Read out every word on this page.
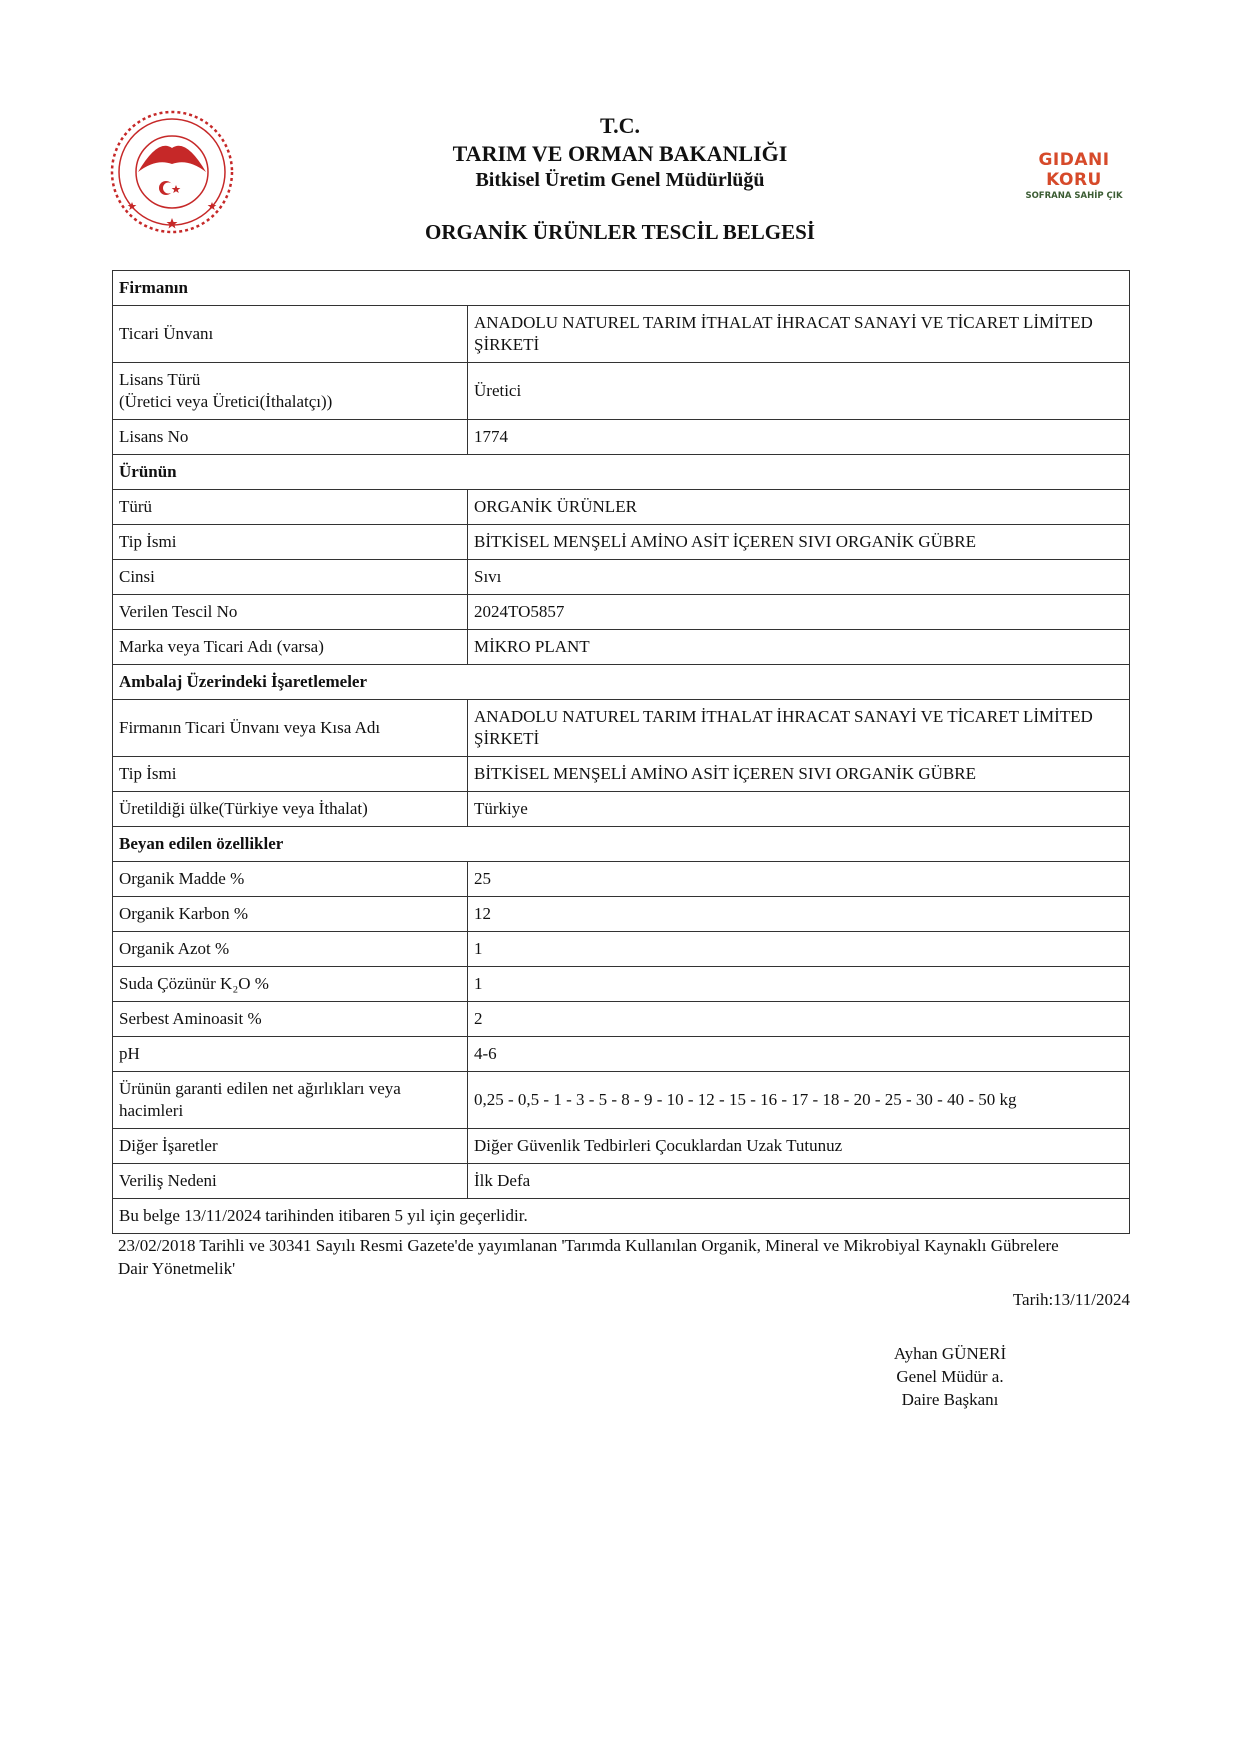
T.C.
TARIM VE ORMAN BAKANLIĞI
Bitkisel Üretim Genel Müdürlüğü
GIDANI KORU
SOFRANA SAHİP ÇIK
ORGANİK ÜRÜNLER TESCİL BELGESİ
Firmanın	
Ticari Ünvanı	ANADOLU NATUREL TARIM İTHALAT İHRACAT SANAYİ VE TİCARET LİMİTED ŞİRKETİ
Lisans Türü
(Üretici veya Üretici(İthalatçı))	Üretici
Lisans No	1774
Ürünün	
Türü	ORGANİK ÜRÜNLER
Tip İsmi	BİTKİSEL MENŞELİ AMİNO ASİT İÇEREN SIVI ORGANİK GÜBRE
Cinsi	Sıvı
Verilen Tescil No	2024TO5857
Marka veya Ticari Adı (varsa)	MİKRO PLANT
Ambalaj Üzerindeki İşaretlemeler	
Firmanın Ticari Ünvanı veya Kısa Adı	ANADOLU NATUREL TARIM İTHALAT İHRACAT SANAYİ VE TİCARET LİMİTED ŞİRKETİ
Tip İsmi	BİTKİSEL MENŞELİ AMİNO ASİT İÇEREN SIVI ORGANİK GÜBRE
Üretildiği ülke(Türkiye veya İthalat)	Türkiye
Beyan edilen özellikler	
Organik Madde %	25
Organik Karbon %	12
Organik Azot %	1
Suda Çözünür K₂O %	1
Serbest Aminoasit %	2
pH	4-6
Ürünün garanti edilen net ağırlıkları veya hacimleri	0,25 - 0,5 - 1 - 3 - 5 - 8 - 9 - 10 - 12 - 15 - 16 - 17 - 18 - 20 - 25 - 30 - 40 - 50 kg
Diğer İşaretler	Diğer Güvenlik Tedbirleri Çocuklardan Uzak Tutunuz
Veriliş Nedeni	İlk Defa
Bu belge 13/11/2024 tarihinden itibaren 5 yıl için geçerlidir.	
23/02/2018 Tarihli ve 30341 Sayılı Resmi Gazete'de yayımlanan 'Tarımda Kullanılan Organik, Mineral ve Mikrobiyal Kaynaklı Gübrelere Dair Yönetmelik'
Tarih:13/11/2024
Ayhan GÜNERİ
Genel Müdür a.
Daire Başkanı
